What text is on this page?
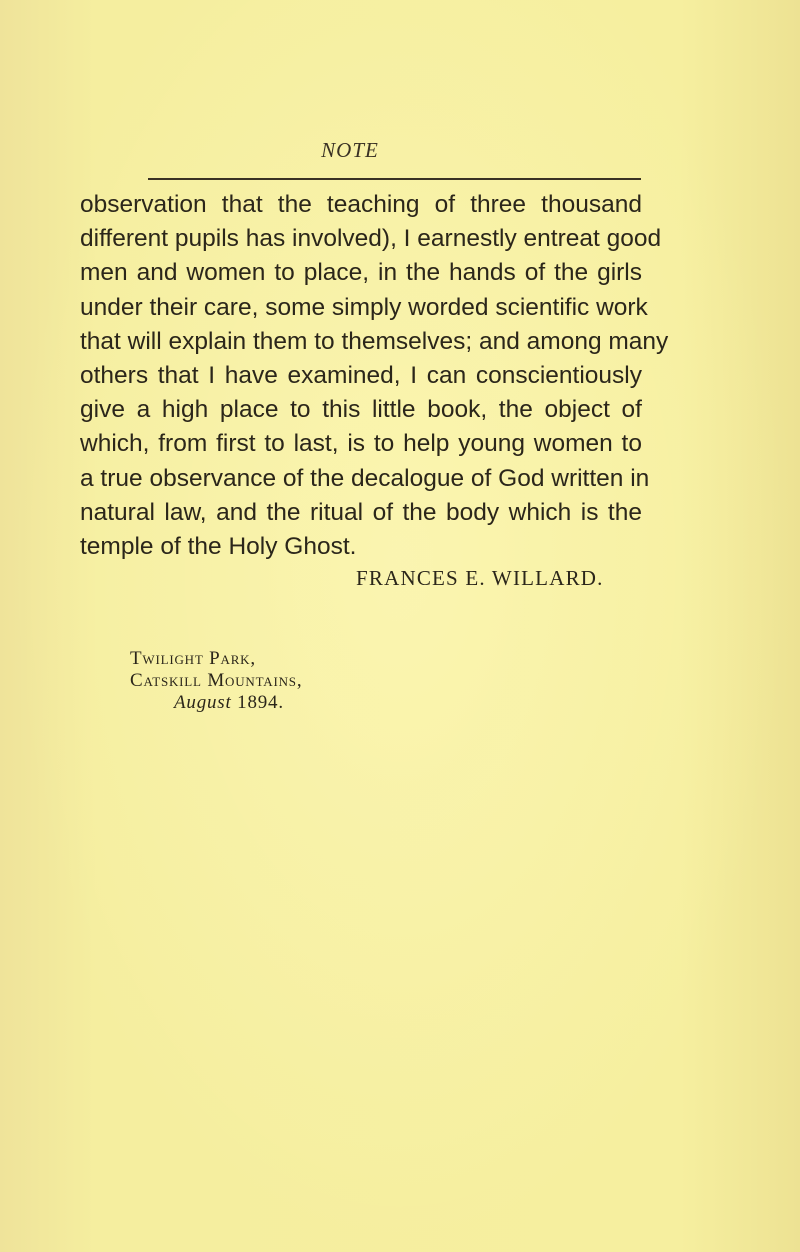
NOTE
observation that the teaching of three thousand
different pupils has involved), I earnestly entreat good
men and women to place, in the hands of the girls
under their care, some simply worded scientific work
that will explain them to themselves; and among many
others that I have examined, I can conscientiously
give a high place to this little book, the object of
which, from first to last, is to help young women to
a true observance of the decalogue of God written in
natural law, and the ritual of the body which is the
temple of the Holy Ghost.
FRANCES E. WILLARD.
Twilight Park,
Catskill Mountains,
August 1894.
